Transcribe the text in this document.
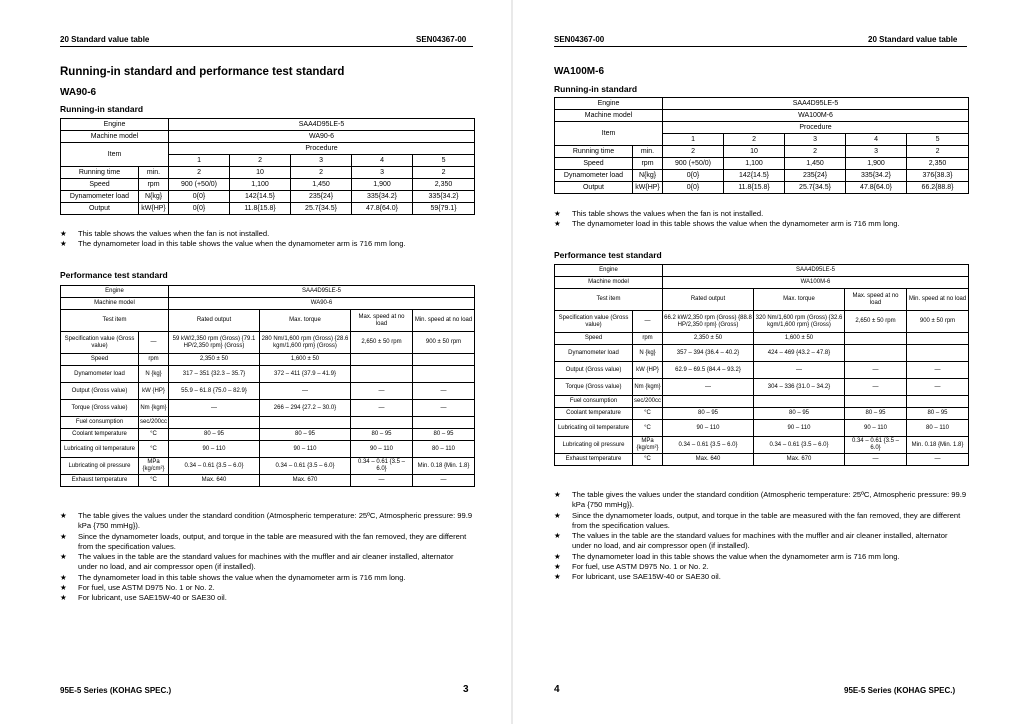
20 Standard value table	SEN04367-00
Running-in standard and performance test standard
WA90-6
Running-in standard
Engine		SAA4D95LE-5				
Machine model		WA90-6				
Item		Procedure				
		1	2	3	4	5
Running time	min.	2	10	2	3	2
Speed	rpm	900 (+50/0)	1,100	1,450	1,900	2,350
Dynamometer load	N{kg}	0{0}	142{14.5}	235{24}	335{34.2}	335{34.2}
Output	kW{HP}	0{0}	11.8{15.8}	25.7{34.5}	47.8{64.0}	59{79.1}
★ This table shows the values when the fan is not installed.
★ The dynamometer load in this table shows the value when the dynamometer arm is 716 mm long.
Performance test standard
Engine		SAA4D95LE-5			
Machine model		WA90-6			
Test item		Rated output	Max. torque	Max. speed at no load	Min. speed at no load
Specification value (Gross value)	—	59 kW/2,350 rpm (Gross) {79.1 HP/2,350 rpm} (Gross)	280 Nm/1,600 rpm (Gross) {28.6 kgm/1,600 rpm} (Gross)	2,650 ± 50 rpm	900 ± 50 rpm
Speed	rpm	2,350 ± 50	1,600 ± 50		
Dynamometer load	N {kg}	317 – 351 {32.3 – 35.7}	372 – 411 {37.9 – 41.9}		
Output (Gross value)	kW {HP}	55.9 – 61.8 {75.0 – 82.9}	—	—	—
Torque (Gross value)	Nm {kgm}	—	266 – 294 {27.2 – 30.0}	—	—
Fuel consumption	sec/200cc				
Coolant temperature	°C	80 – 95	80 – 95	80 – 95	80 – 95
Lubricating oil temperature	°C	90 – 110	90 – 110	90 – 110	80 – 110
Lubricating oil pressure	MPa {kg/cm²}	0.34 – 0.61 {3.5 – 6.0}	0.34 – 0.61 {3.5 – 6.0}	0.34 – 0.61 {3.5 – 6.0}	Min. 0.18 {Min. 1.8}
Exhaust temperature	°C	Max. 640	Max. 670	—	—
★ The table gives the values under the standard condition (Atmospheric temperature: 25ºC, Atmospheric pressure: 99.9 kPa {750 mmHg}).
★ Since the dynamometer loads, output, and torque in the table are measured with the fan removed, they are different from the specification values.
★ The values in the table are the standard values for machines with the muffler and air cleaner installed, alternator under no load, and air compressor open (if installed).
★ The dynamometer load in this table shows the value when the dynamometer arm is 716 mm long.
★ For fuel, use ASTM D975 No. 1 or No. 2.
★ For lubricant, use SAE15W-40 or SAE30 oil.
95E-5 Series (KOHAG SPEC.)	3
SEN04367-00	20 Standard value table
WA100M-6
Running-in standard
Engine		SAA4D95LE-5				
Machine model		WA100M-6				
Item		Procedure				
		1	2	3	4	5
Running time	min.	2	10	2	3	2
Speed	rpm	900 (+50/0)	1,100	1,450	1,900	2,350
Dynamometer load	N{kg}	0{0}	142{14.5}	235{24}	335{34.2}	376{38.3}
Output	kW{HP}	0{0}	11.8{15.8}	25.7{34.5}	47.8{64.0}	66.2{88.8}
★ This table shows the values when the fan is not installed.
★ The dynamometer load in this table shows the value when the dynamometer arm is 716 mm long.
Performance test standard
Engine		SAA4D95LE-5			
Machine model		WA100M-6			
Test item		Rated output	Max. torque	Max. speed at no load	Min. speed at no load
Specification value (Gross value)	—	66.2 kW/2,350 rpm (Gross) {88.8 HP/2,350 rpm} (Gross)	320 Nm/1,600 rpm (Gross) {32.6 kgm/1,600 rpm} (Gross)	2,650 ± 50 rpm	900 ± 50 rpm
Speed	rpm	2,350 ± 50	1,600 ± 50		
Dynamometer load	N {kg}	357 – 394 {36.4 – 40.2}	424 – 469 {43.2 – 47.8}		
Output (Gross value)	kW {HP}	62.9 – 69.5 {84.4 – 93.2}	—	—	—
Torque (Gross value)	Nm {kgm}	—	304 – 336 {31.0 – 34.2}	—	—
Fuel consumption	sec/200cc				
Coolant temperature	°C	80 – 95	80 – 95	80 – 95	80 – 95
Lubricating oil temperature	°C	90 – 110	90 – 110	90 – 110	80 – 110
Lubricating oil pressure	MPa {kg/cm²}	0.34 – 0.61 {3.5 – 6.0}	0.34 – 0.61 {3.5 – 6.0}	0.34 – 0.61 {3.5 – 6.0}	Min. 0.18 {Min. 1.8}
Exhaust temperature	°C	Max. 640	Max. 670	—	—
★ The table gives the values under the standard condition (Atmospheric temperature: 25ºC, Atmospheric pressure: 99.9 kPa {750 mmHg}).
★ Since the dynamometer loads, output, and torque in the table are measured with the fan removed, they are different from the specification values.
★ The values in the table are the standard values for machines with the muffler and air cleaner installed, alternator under no load, and air compressor open (if installed).
★ The dynamometer load in this table shows the value when the dynamometer arm is 716 mm long.
★ For fuel, use ASTM D975 No. 1 or No. 2.
★ For lubricant, use SAE15W-40 or SAE30 oil.
4	95E-5 Series (KOHAG SPEC.)
